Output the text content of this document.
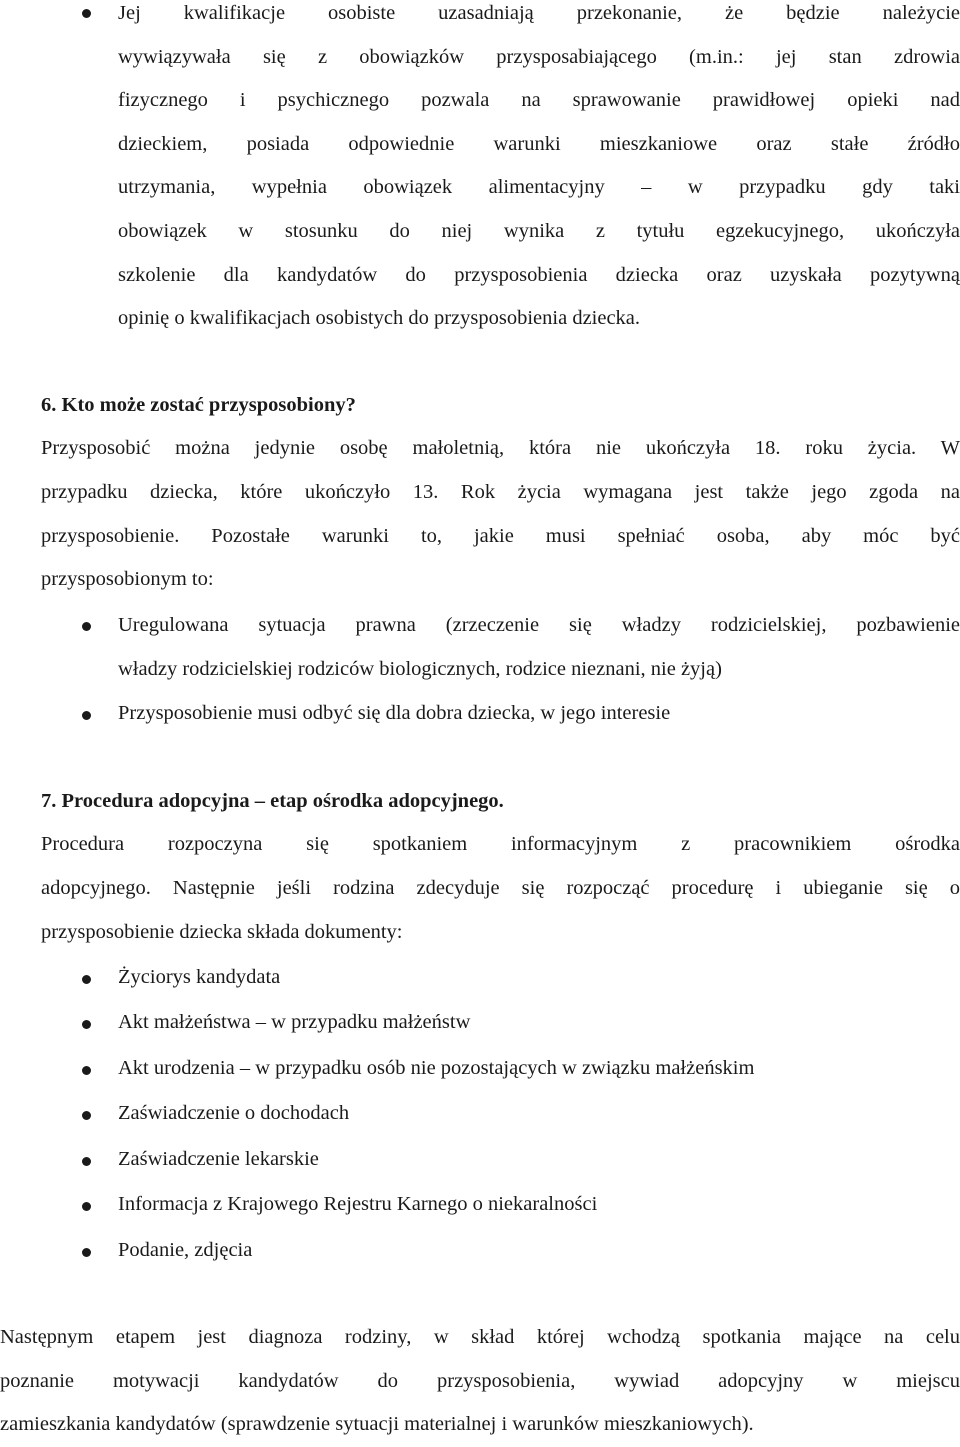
Jej kwalifikacje osobiste uzasadniają przekonanie, że będzie należycie

wywiązywała się z obowiązków przysposabiającego (m.in.: jej stan zdrowia

fizycznego i psychicznego pozwala na sprawowanie prawidłowej opieki nad

dzieckiem, posiada odpowiednie warunki mieszkaniowe oraz stałe źródło

utrzymania, wypełnia obowiązek alimentacyjny – w przypadku gdy taki

obowiązek w stosunku do niej wynika z tytułu egzekucyjnego, ukończyła

szkolenie dla kandydatów do przysposobienia dziecka oraz uzyskała pozytywną

opinię o kwalifikacjach osobistych do przysposobienia dziecka.

6. Kto może zostać przysposobiony?

Przysposobić można jedynie osobę małoletnią, która nie ukończyła 18. roku życia. W

przypadku dziecka, które ukończyło 13. Rok życia wymagana jest także jego zgoda na

przysposobienie. Pozostałe warunki to, jakie musi spełniać osoba, aby móc być

przysposobionym to:

Uregulowana sytuacja prawna (zrzeczenie się władzy rodzicielskiej, pozbawienie

władzy rodzicielskiej rodziców biologicznych, rodzice nieznani, nie żyją)

Przysposobienie musi odbyć się dla dobra dziecka, w jego interesie
7. Procedura adopcyjna – etap ośrodka adopcyjnego.

Procedura rozpoczyna się spotkaniem informacyjnym z pracownikiem ośrodka

adopcyjnego. Następnie jeśli rodzina zdecyduje się rozpocząć procedurę i ubieganie się o

przysposobienie dziecka składa dokumenty:

Życiorys kandydata
Akt małżeństwa – w przypadku małżeństw
Akt urodzenia – w przypadku osób nie pozostających w związku małżeńskim
Zaświadczenie o dochodach
Zaświadczenie lekarskie
Informacja z Krajowego Rejestru Karnego o niekaralności
Podanie, zdjęcia

Następnym etapem jest diagnoza rodziny, w skład której wchodzą spotkania mające na celu

poznanie motywacji kandydatów do przysposobienia, wywiad adopcyjny w miejscu

zamieszkania kandydatów (sprawdzenie sytuacji materialnej i warunków mieszkaniowych).
